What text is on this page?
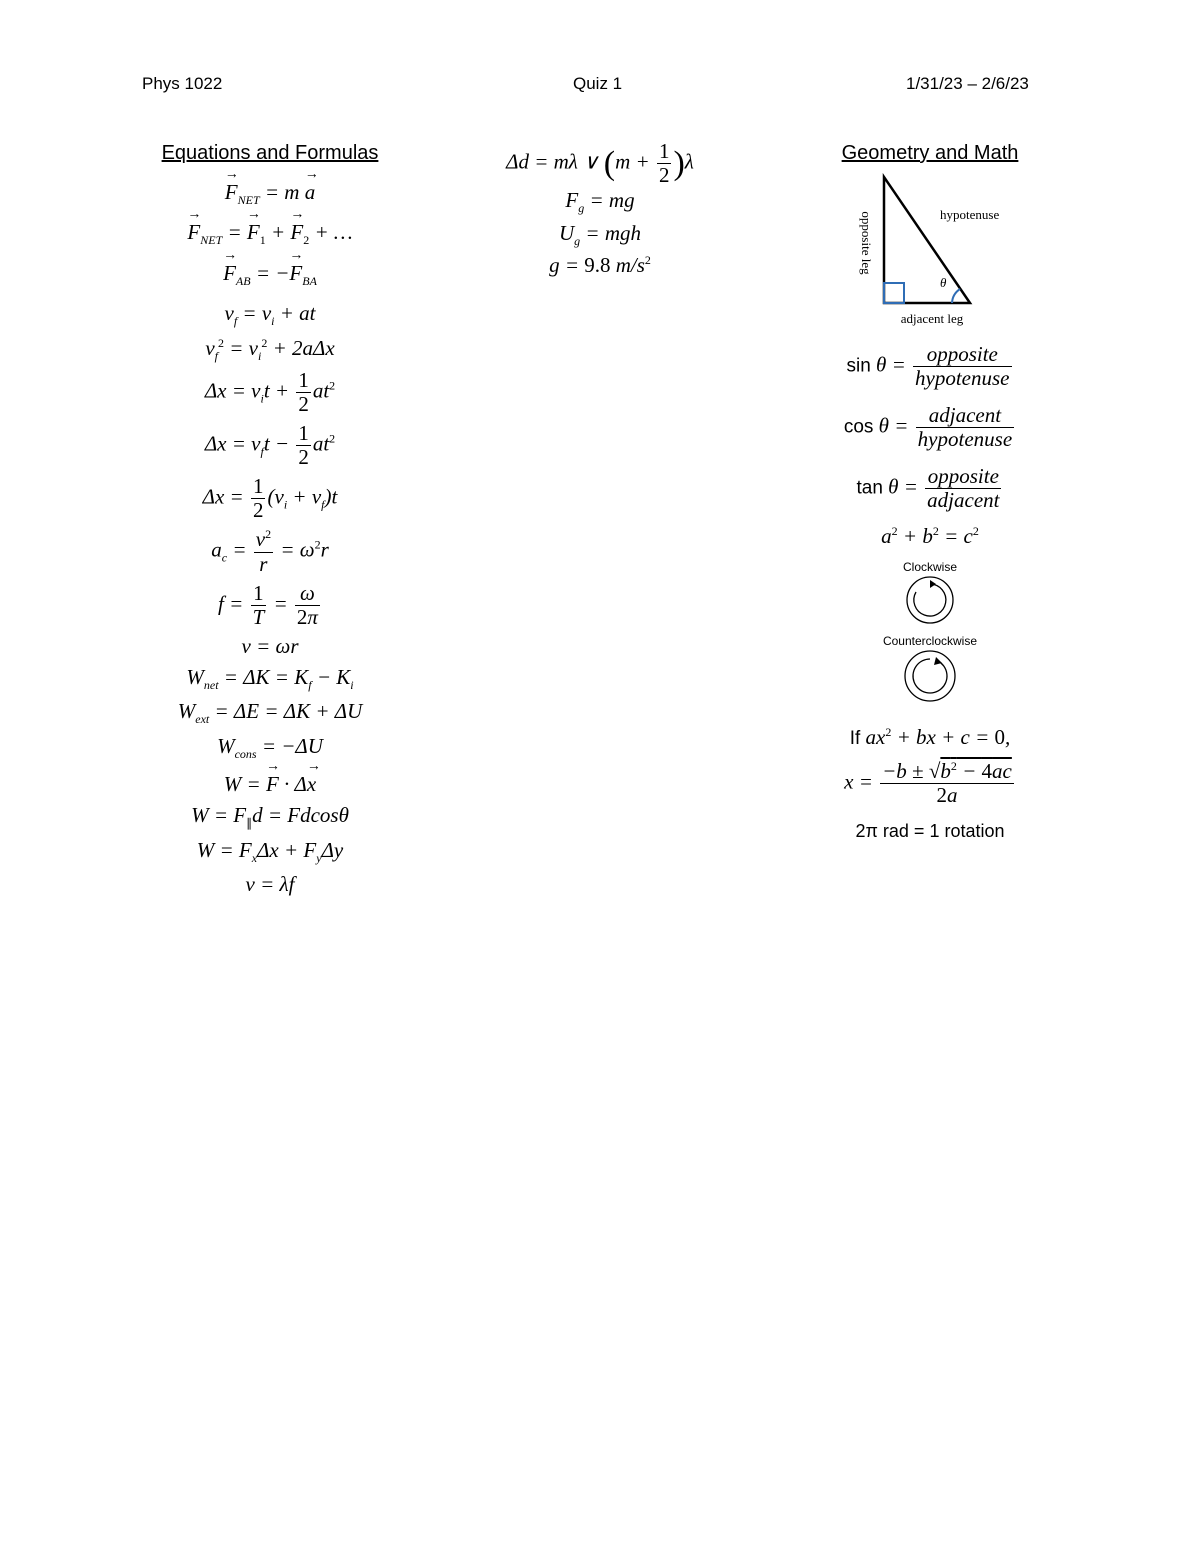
Phys 1022	Quiz 1	1/31/23 – 2/6/23
Equations and Formulas
→ $F_{NET} = m \to a$
→ $F_{NET}$ = → $F_1$ + → $F_2$ + …
→ $F_{AB}$ = −→ $F_{BA}$
$v_f = v_i$ + at
$v_f^2 = v_i^2 + 2a\Delta x$
$\Delta x = v_it + \frac{1}{2} at^2$
$\Delta x = v_ft - \frac{1}{2} at^2$
$\Delta x = \frac{1}{2} (v_i + v_f)t$
$a_c = \frac{v^2}{r} = \omega^2r$
$f = \frac{1}{T} = \frac{\omega}{2\pi}$
v = ωr
$W_{net} = \Delta K = K_f - K_i$
$W_{ext} = \Delta E = \Delta K + \Delta U$
$W_{cons} = -\Delta U$
W = → F · Δ→ x
$W = F_\parallel d = Fdcos\theta$
$W = F_x\Delta x + F_y\Delta y$
v = λf
Δd = mλ ∨ $(m + \frac{1}{2} )\lambda$
$F_g$ = mg
$U_g$ = mgh
g = 9.8 $m/s^2$
Geometry and Math
θ
hypotenuse
opposite leg
adjacent leg
$\sin \theta = \frac{\text{opposite}}{\text{hypotenuse}}$
$\cos \theta = \frac{\text{adjacent}}{\text{hypotenuse}}$
$\tan \theta = \frac{\text{opposite}}{\text{adjacent}}$
$a^2 + b^2 = c^2$
Clockwise
Counterclockwise
If $ax^2$ + bx + c = 0,
$x = \frac{-b \pm √b^2 - 4ac}{2a}$
2π rad = 1 rotation
